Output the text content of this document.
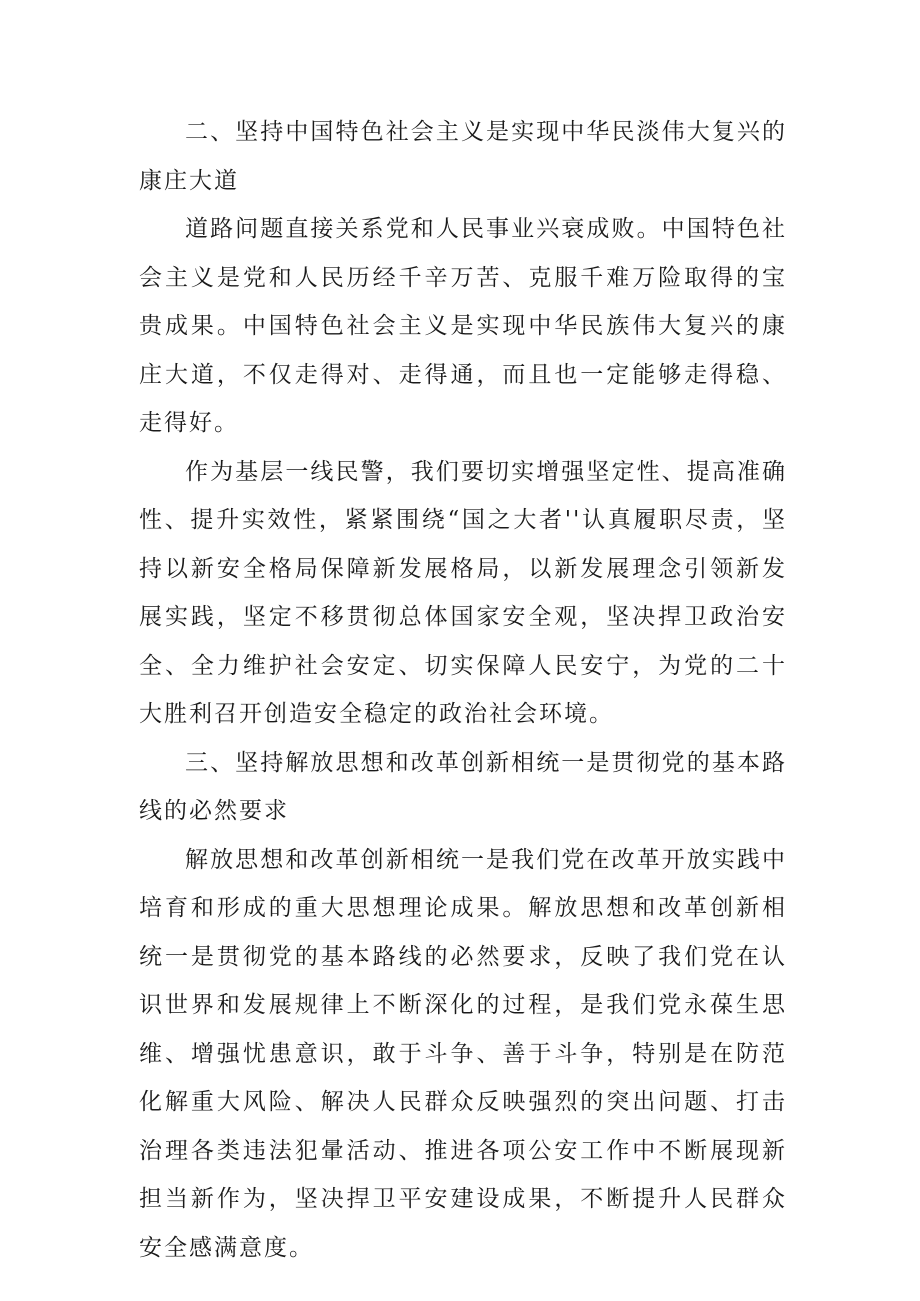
二、坚持中国特色社会主义是实现中华民淡伟大复兴的康庄大道

道路问题直接关系党和人民事业兴衰成败。中国特色社会主义是党和人民历经千辛万苦、克服千难万险取得的宝贵成果。中国特色社会主义是实现中华民族伟大复兴的康庄大道，不仅走得对、走得通，而且也一定能够走得稳、走得好。

作为基层一线民警，我们要切实增强坚定性、提高准确性、提升实效性，紧紧围绕“国之大者''认真履职尽责，坚持以新安全格局保障新发展格局，以新发展理念引领新发展实践，坚定不移贯彻总体国家安全观，坚决捍卫政治安全、全力维护社会安定、切实保障人民安宁，为党的二十大胜利召开创造安全稳定的政治社会环境。

三、坚持解放思想和改革创新相统一是贯彻党的基本路线的必然要求

解放思想和改革创新相统一是我们党在改革开放实践中培育和形成的重大思想理论成果。解放思想和改革创新相统一是贯彻党的基本路线的必然要求，反映了我们党在认识世界和发展规律上不断深化的过程，是我们党永葆生思维、增强忧患意识，敢于斗争、善于斗争，特别是在防范化解重大风险、解决人民群众反映强烈的突出问题、打击治理各类违法犯暈活动、推进各项公安工作中不断展现新担当新作为，坚决捍卫平安建设成果，不断提升人民群众安全感满意度。
